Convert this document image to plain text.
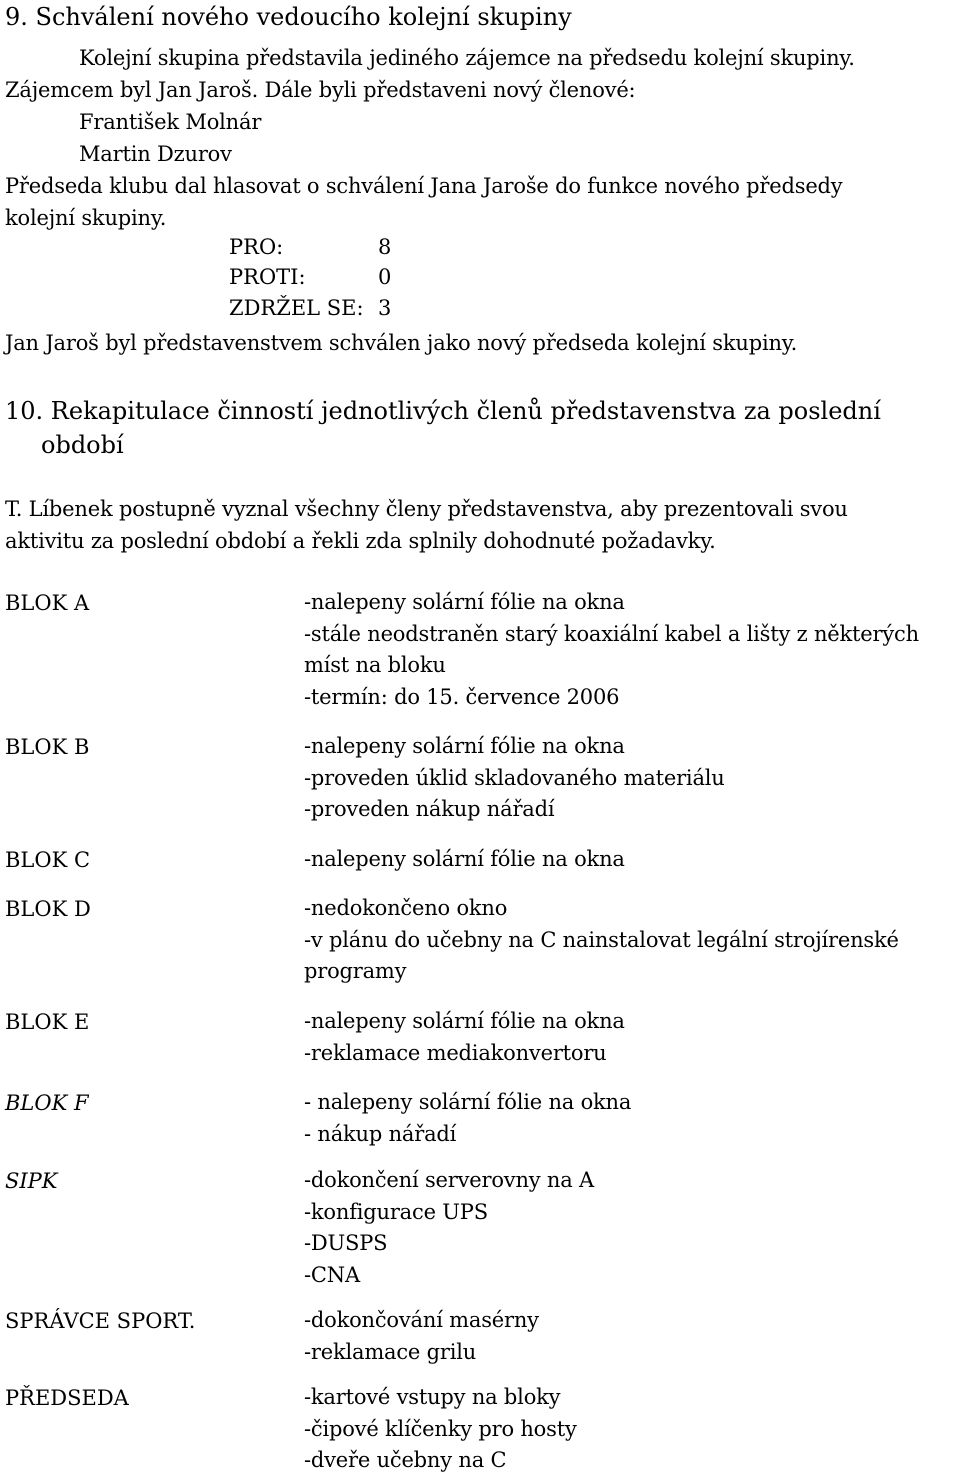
9. Schválení nového vedoucího kolejní skupiny
Kolejní skupina představila jediného zájemce na předsedu kolejní skupiny.
Zájemcem byl Jan Jaroš. Dále byli představeni nový členové:
František Molnár
Martin Dzurov
Předseda klubu dal hlasovat o schválení Jana Jaroše do funkce nového předsedy
kolejní skupiny.
PRO:	8
PROTI:	0
ZDRŽEL SE: 3
Jan Jaroš byl představenstvem schválen jako nový předseda kolejní skupiny.
10. Rekapitulace činností jednotlivých členů představenstva za poslední
období
T. Líbenek postupně vyznal všechny členy představenstva, aby prezentovali svou
aktivitu za poslední období a řekli zda splnily dohodnuté požadavky.
BLOK A	-nalepeny solární fólie na okna
-stále neodstraněn starý koaxiální kabel a lišty z některých
míst na bloku
-termín: do 15. července 2006
BLOK B	-nalepeny solární fólie na okna
-proveden úklid skladovaného materiálu
-proveden nákup nářadí
BLOK C	-nalepeny solární fólie na okna
BLOK D	-nedokončeno okno
-v plánu do učebny na C nainstalovat legální strojírenské
programy
BLOK E	-nalepeny solární fólie na okna
-reklamace mediakonvertoru
BLOK F	- nalepeny solární fólie na okna
- nákup nářadí
SIPK	-dokončení serverovny na A
-konfigurace UPS
-DUSPS
-CNA
SPRÁVCE SPORT.	-dokončování masérny
-reklamace grilu
PŘEDSEDA	-kartové vstupy na bloky
-čipové klíčenky pro hosty
-dveře učebny na C
